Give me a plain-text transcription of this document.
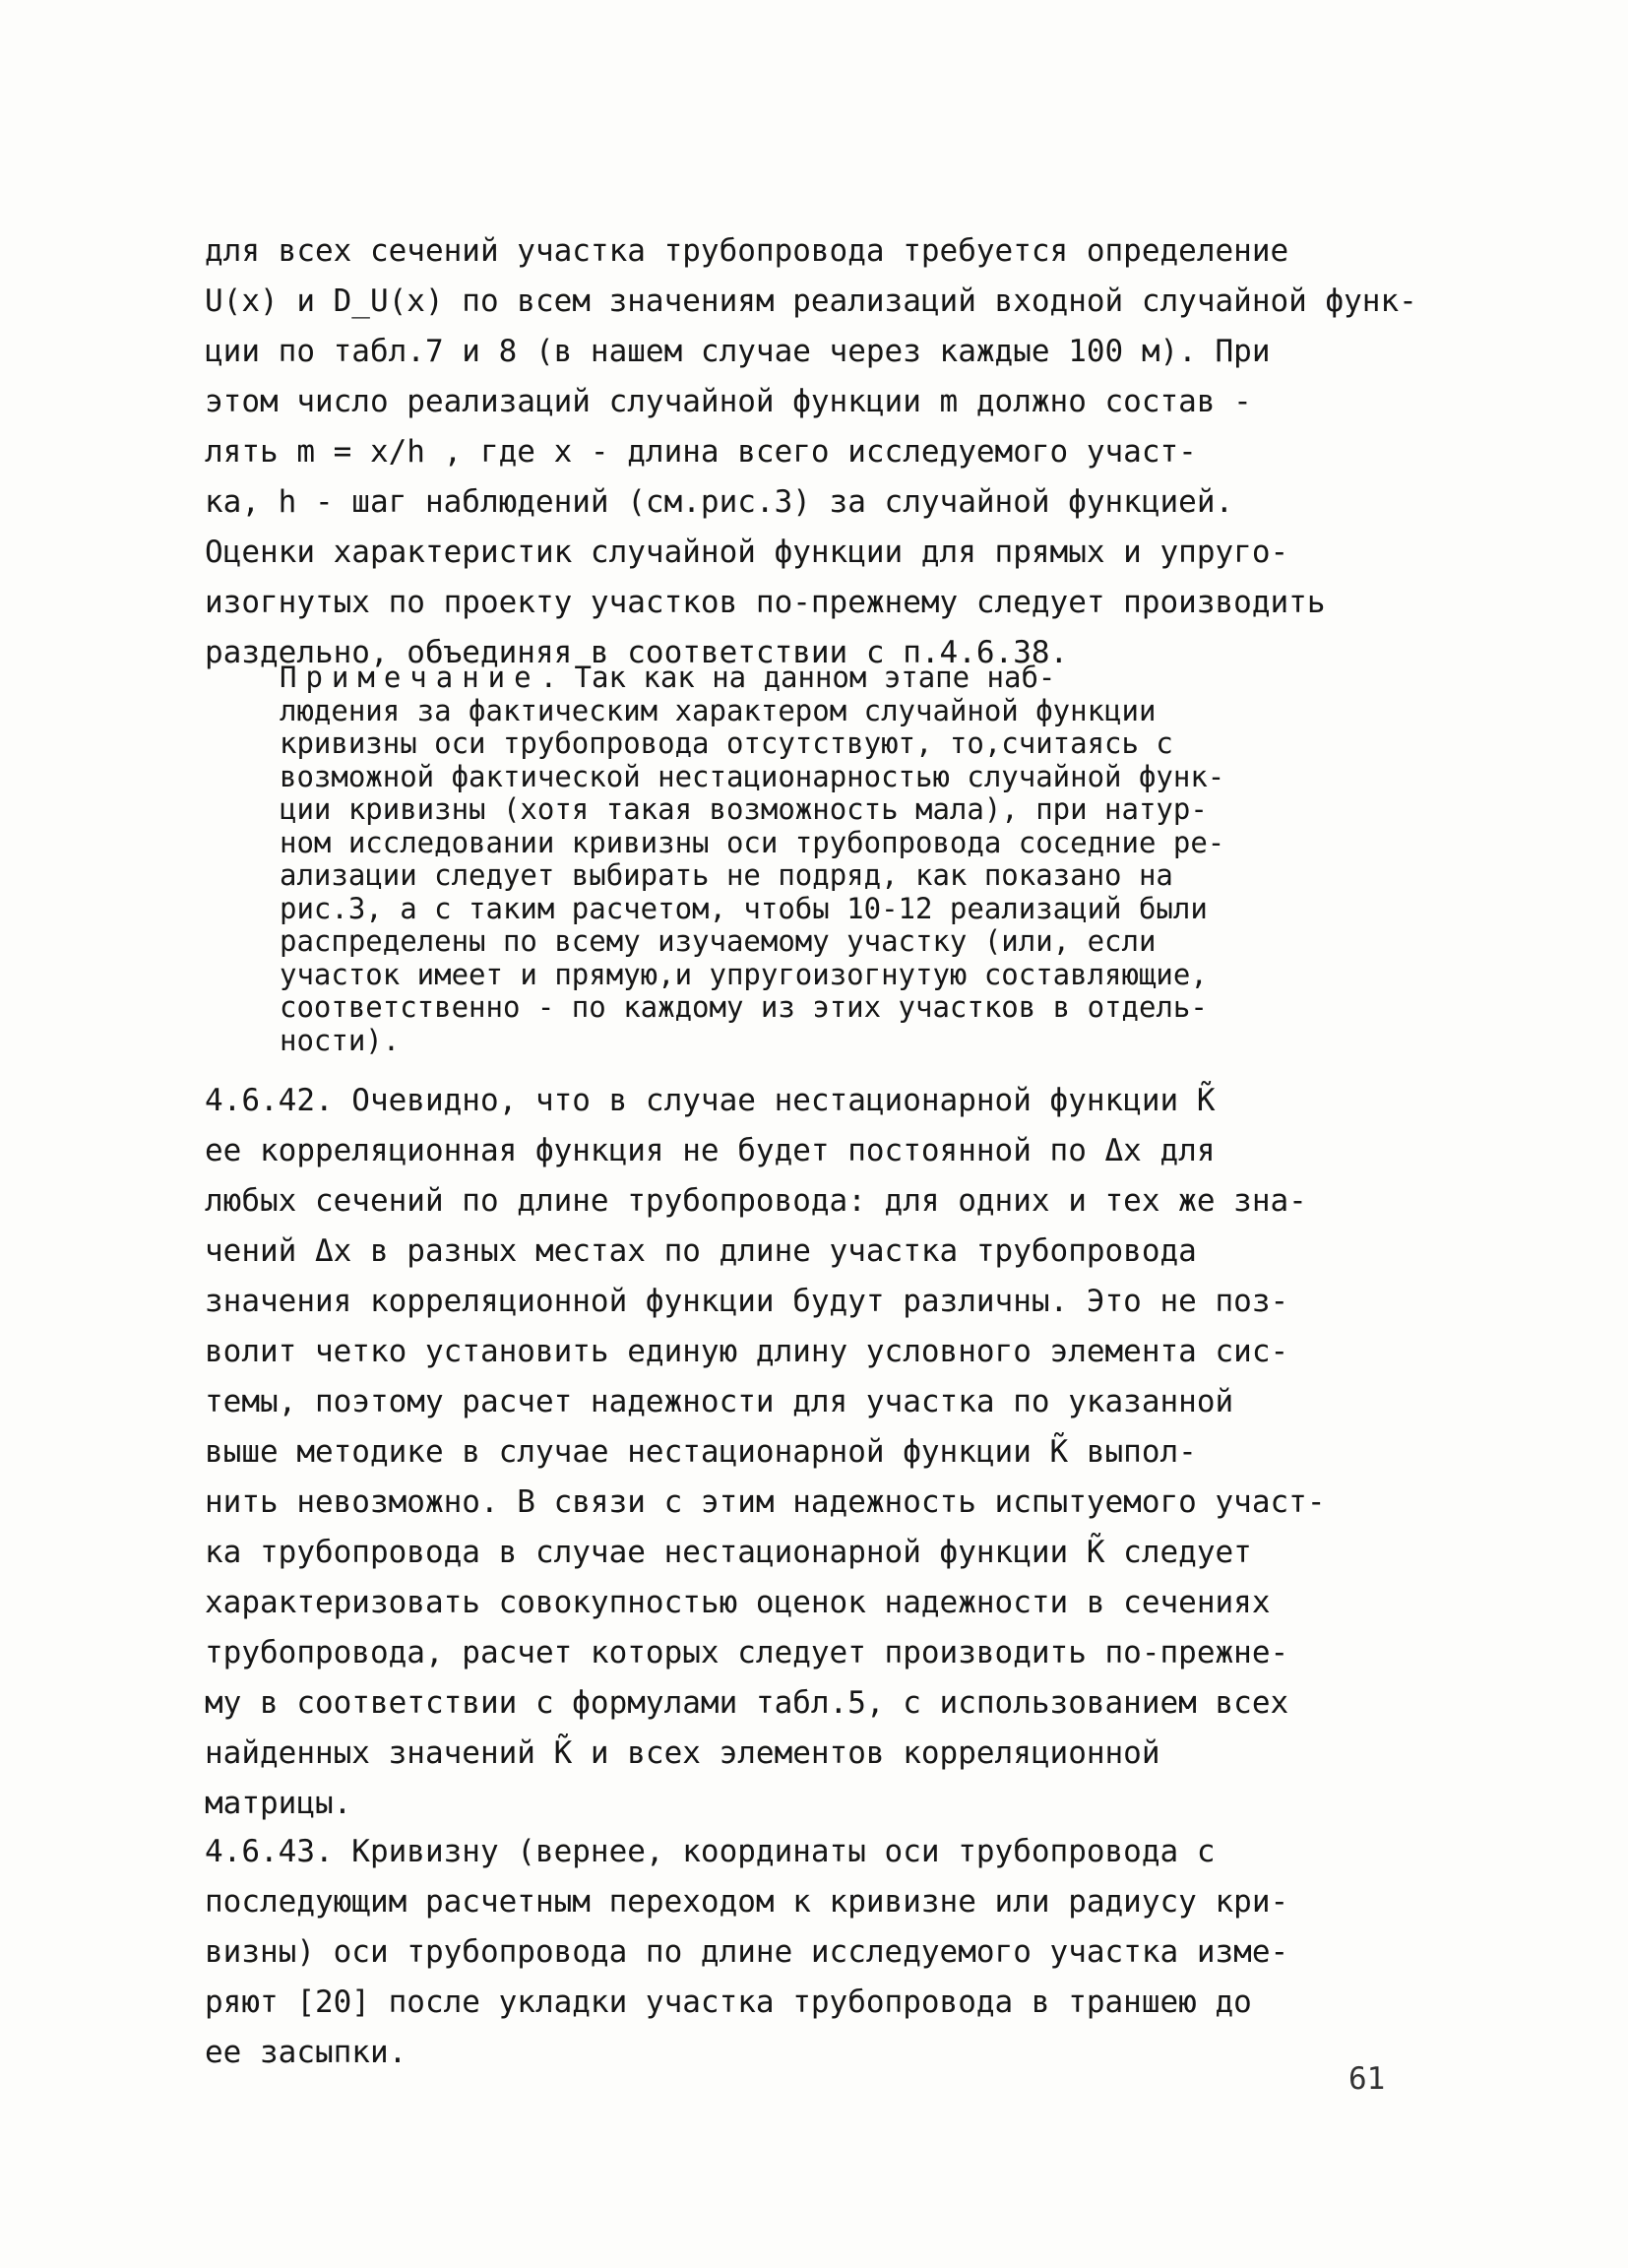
для всех сечений участка трубопровода требуется определение
U(x) и D_U(x) по всем значениям реализаций входной случайной функ-
ции по табл.7 и 8 (в нашем случае через каждые 100 м). При
этом число реализаций случайной функции m должно состав -
лять m = x/h , где x - длина всего исследуемого участ-
ка, h - шаг наблюдений (см.рис.3) за случайной функцией.
Оценки характеристик случайной функции для прямых и упруго-
изогнутых по проекту участков по-прежнему следует производить
раздельно, объединяя в соответствии с п.4.6.38.
Примечание. Так как на данном этапе наб-
людения за фактическим характером случайной функции
кривизны оси трубопровода отсутствуют, то,считаясь с
возможной фактической нестационарностью случайной функ-
ции кривизны (хотя такая возможность мала), при натур-
ном исследовании кривизны оси трубопровода соседние ре-
ализации следует выбирать не подряд, как показано на
рис.3, а с таким расчетом, чтобы 10-12 реализаций были
распределены по всему изучаемому участку (или, если
участок имеет и прямую,и упругоизогнутую составляющие,
соответственно - по каждому из этих участков в отдель-
ности).
4.6.42. Очевидно, что в случае нестационарной функции K̃
ее корреляционная функция не будет постоянной по Δx для
любых сечений по длине трубопровода: для одних и тех же зна-
чений Δx в разных местах по длине участка трубопровода
значения корреляционной функции будут различны. Это не поз-
волит четко установить единую длину условного элемента сис-
темы, поэтому расчет надежности для участка по указанной
выше методике в случае нестационарной функции K̃ выпол-
нить невозможно. В связи с этим надежность испытуемого участ-
ка трубопровода в случае нестационарной функции K̃ следует
характеризовать совокупностью оценок надежности в сечениях
трубопровода, расчет которых следует производить по-прежне-
му в соответствии с формулами табл.5, с использованием всех
найденных значений K̃ и всех элементов корреляционной
матрицы.
4.6.43. Кривизну (вернее, координаты оси трубопровода с
последующим расчетным переходом к кривизне или радиусу кри-
визны) оси трубопровода по длине исследуемого участка изме-
ряют [20] после укладки участка трубопровода в траншею до
ее засыпки.
61
